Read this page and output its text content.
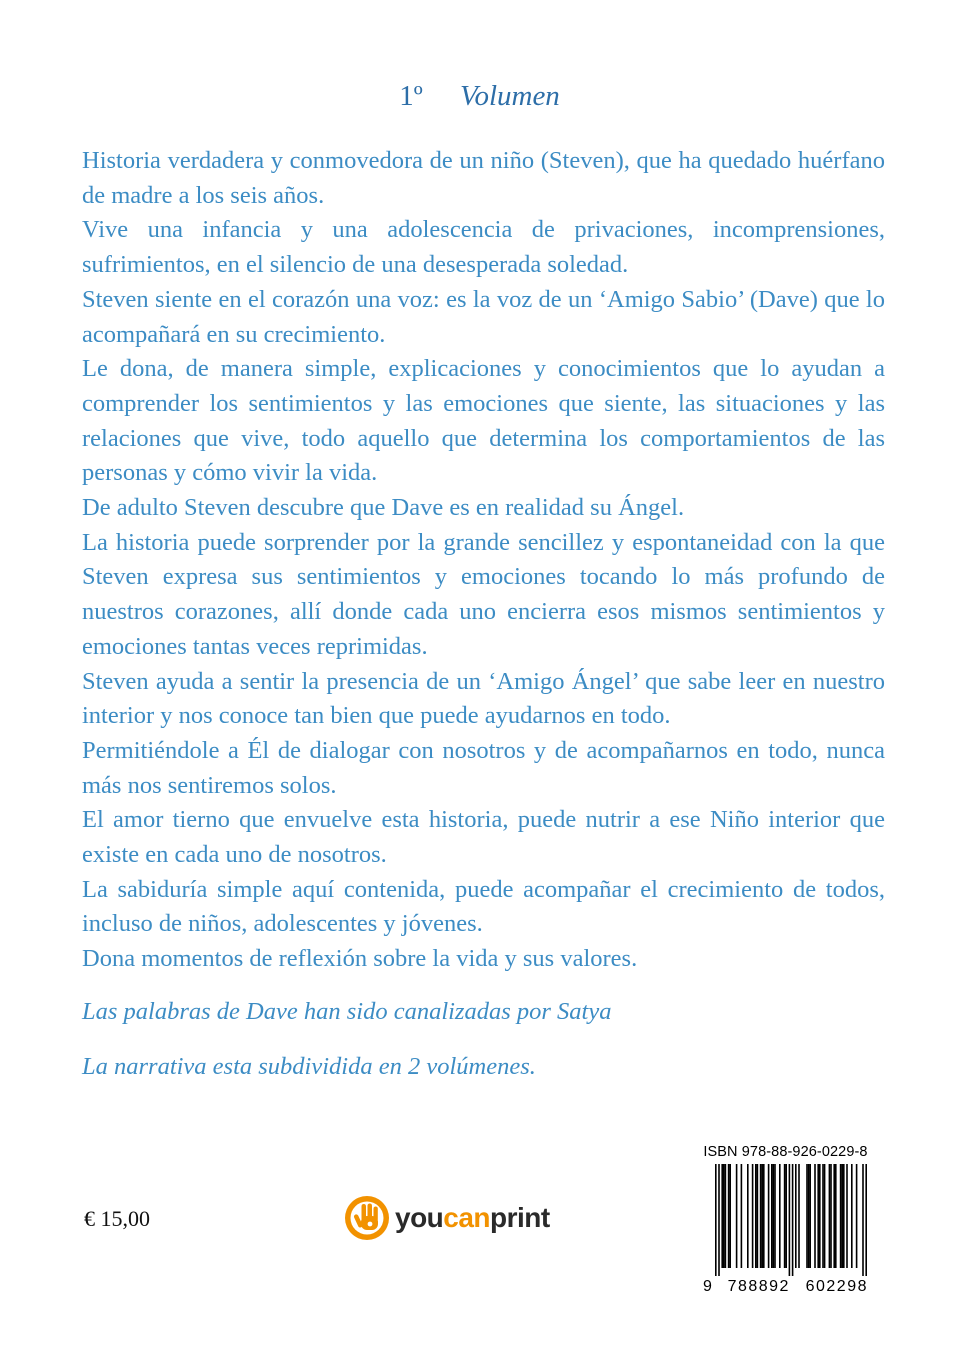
1º Volumen

Historia verdadera y conmovedora de un niño (Steven), que ha quedado huérfano de madre a los seis años.

Vive una infancia y una adolescencia de privaciones, incomprensiones, sufrimientos, en el silencio de una desesperada soledad.

Steven siente en el corazón una voz: es la voz de un ‘Amigo Sabio’ (Dave) que lo acompañará en su crecimiento.

Le dona, de manera simple, explicaciones y conocimientos que lo ayudan a comprender los sentimientos y las emociones que siente, las situaciones y las relaciones que vive, todo aquello que determina los comportamientos de las personas y cómo vivir la vida.

De adulto Steven descubre que Dave es en realidad su Ángel.

La historia puede sorprender por la grande sencillez y espontaneidad con la que Steven expresa sus sentimientos y emociones tocando lo más profundo de nuestros corazones, allí donde cada uno encierra esos mismos sentimientos y emociones tantas veces reprimidas.

Steven ayuda a sentir la presencia de un ‘Amigo Ángel’ que sabe leer en nuestro interior y nos conoce tan bien que puede ayudarnos en todo.

Permitiéndole a Él de dialogar con nosotros y de acompañarnos en todo, nunca más nos sentiremos solos.

El amor tierno que envuelve esta historia, puede nutrir a ese Niño interior que existe en cada uno de nosotros.

La sabiduría simple aquí contenida, puede acompañar el crecimiento de todos, incluso de niños, adolescentes y jóvenes.

Dona momentos de reflexión sobre la vida y sus valores.

Las palabras de Dave han sido canalizadas por Satya
La narrativa esta subdividida en 2 volúmenes.
€ 15,00	youcanprint
ISBN 978-88-926-0229-8
9 788892 602298
